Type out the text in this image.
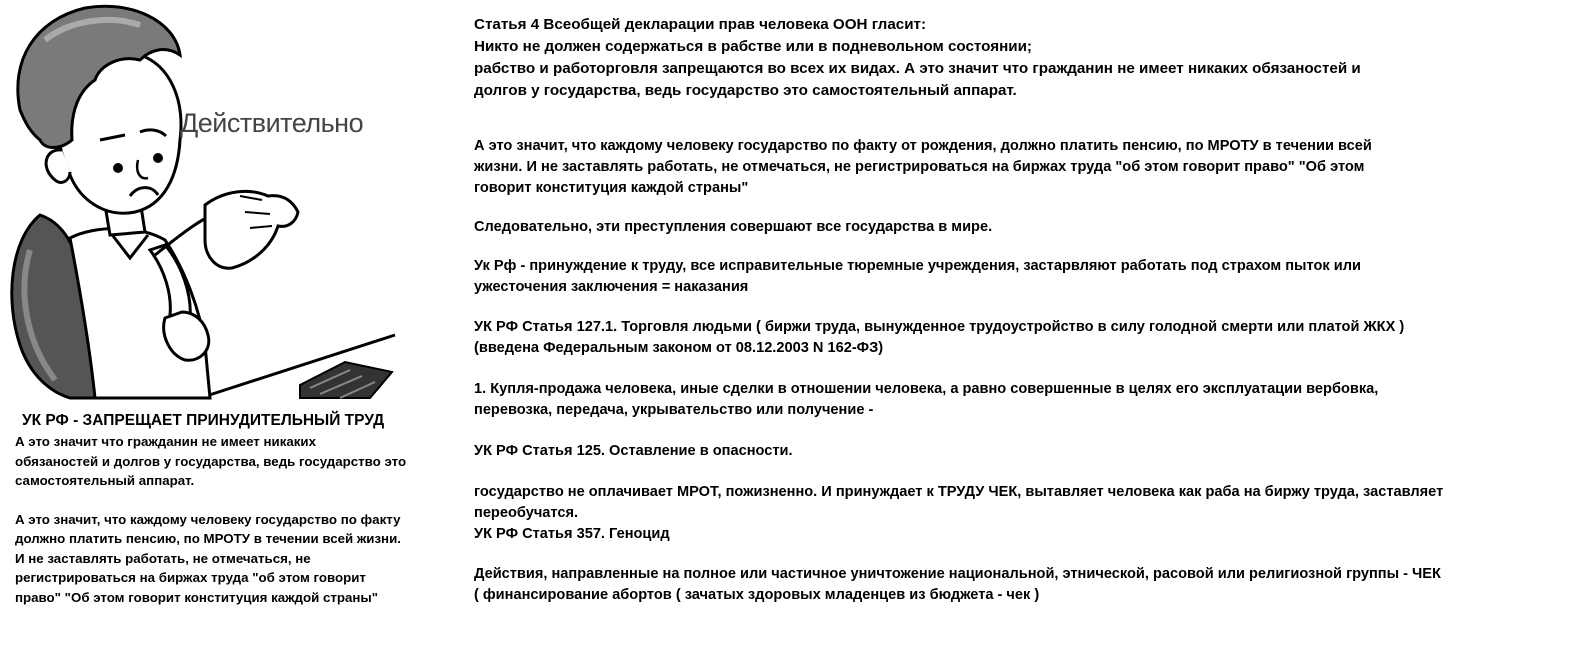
Действительно
УК РФ - ЗАПРЕЩАЕТ ПРИНУДИТЕЛЬНЫЙ ТРУД

А это значит что гражданин не имеет никаких
обязаностей и долгов у государства, ведь государство это
самостоятельный аппарат.

А это значит, что каждому человеку государство по факту
должно платить пенсию, по МРОТУ в течении всей жизни.
И не заставлять работать, не отмечаться, не
регистрироваться на биржах труда "об этом говорит
право" "Об этом говорит конституция каждой страны"

Статья 4 Всеобщей декларации прав человека ООН гласит:
Никто не должен содержаться в рабстве или в подневольном состоянии;
рабство и работорговля запрещаются во всех их видах. А это значит что гражданин не имеет никаких обязаностей и
долгов у государства, ведь государство это самостоятельный аппарат.

А это значит, что каждому человеку государство по факту от рождения, должно платить пенсию, по МРОТУ в течении всей
жизни. И не заставлять работать, не отмечаться, не регистрироваться на биржах труда "об этом говорит право" "Об этом
говорит конституция каждой страны"

Следовательно, эти преступления совершают все государства в мире.

Ук Рф - принуждение к труду, все исправительные тюремные учреждения, застарвляют работать под страхом пыток или
ужесточения заключения = наказания

УК РФ Статья 127.1. Торговля людьми ( биржи труда, вынужденное трудоустройство в силу голодной смерти или платой ЖКХ )
(введена Федеральным законом от 08.12.2003 N 162-ФЗ)

1. Купля-продажа человека, иные сделки в отношении человека, а равно совершенные в целях его эксплуатации вербовка,
перевозка, передача, укрывательство или получение -

УК РФ Статья 125. Оставление в опасности.

государство не оплачивает МРОТ, пожизненно. И принуждает к ТРУДУ ЧЕК, вытавляет человека как раба на биржу труда, заставляет
переобучатся.
УК РФ Статья 357. Геноцид

Действия, направленные на полное или частичное уничтожение национальной, этнической, расовой или религиозной группы - ЧЕК
( финансирование абортов ( зачатых здоровых младенцев из бюджета - чек )
